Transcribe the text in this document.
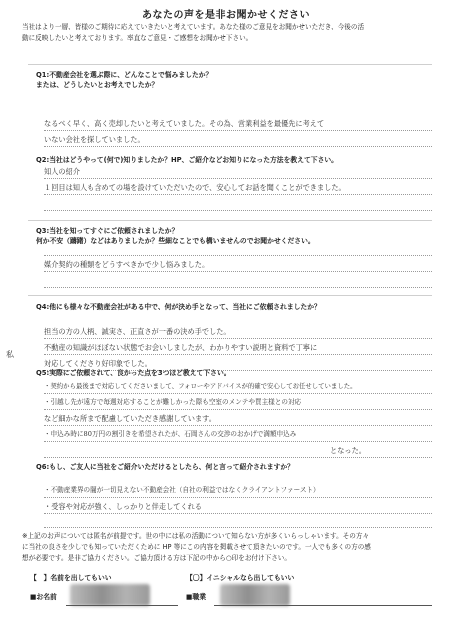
あなたの声を是非お聞かせください
当社はより一層、皆様のご期待に応えていきたいと考えています。あなた様のご意見をお聞かせいただき、今後の活
動に反映したいと考えております。率直なご意見・ご感想をお聞かせ下さい。
Q1:不動産会社を選ぶ際に、どんなことで悩みましたか？
または、どうしたいとお考えでしたか？
なるべく早く、高く売却したいと考えていました。その為、営業利益を最優先に考えて
いない会社を探していました。
Q2:当社はどうやって(何で)知りましたか？HP、ご紹介などお知りになった方法を教えて下さい。
知人の紹介
１回目は知人も含めての場を設けていただいたので、安心してお話を聞くことができました。
Q3:当社を知ってすぐにご依頼されましたか？
何か不安（躊躇）などはありましたか？些細なことでも構いませんのでお聞かせください。
媒介契約の種類をどうすべきかで少し悩みました。
Q4:他にも様々な不動産会社がある中で、何が決め手となって、当社にご依頼されましたか？
担当の方の人柄、誠実さ、正直さが一番の決め手でした。
不動産の知識がほぼない状態でお会いしましたが、わかりやすい説明と資料で丁寧に
対応してくださり好印象でした。
Q5:実際にご依頼されて、良かった点を3つほど教えて下さい。
私
・契約から最後まで対応してくださいまして、フォローやアドバイスが的確で安心してお任せしていました。
・引越し先が遠方で毎週対応することが難しかった際も空室のメンテや買主様との対応
など細かな所まで配慮していただき感謝しています。
・申込み時に80万円の割引きを希望されたが、石岡さんの交渉のおかげで満額申込み
となった。
Q6:もし、ご友人に当社をご紹介いただけるとしたら、何と言って紹介されますか？
・不動産業界の闇が一切見えない不動産会社（自社の利益ではなくクライアントファースト）
・受容や対応が強く、しっかりと伴走してくれる
※上記のお声については匿名が前提です。世の中には私の活動について知らない方が多くいらっしゃいます。その方々
に当社の良さを少しでも知っていただくために HP 等にこの内容を掲載させて頂きたいのです。一人でも多くの方の感
想が必要です。是非ご協力ください。ご協力頂ける方は下記の中から○印をお付け下さい。
【　】名前を出してもいい	【〇】イニシャルなら出してもいい
■お名前	■職業
